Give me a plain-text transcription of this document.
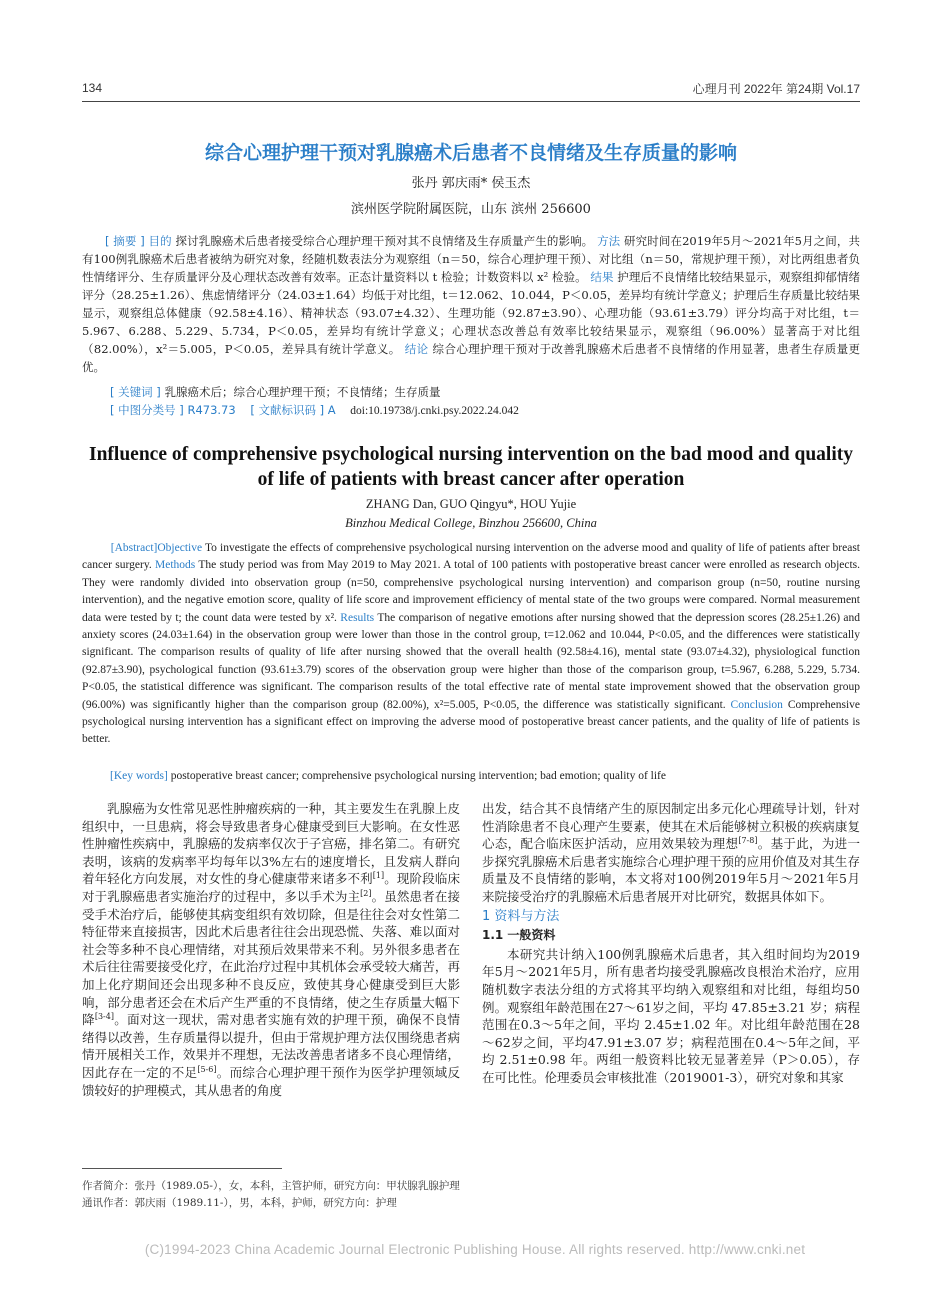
134	心理月刊 2022年 第24期 Vol.17
综合心理护理干预对乳腺癌术后患者不良情绪及生存质量的影响
张丹 郭庆雨* 侯玉杰
滨州医学院附属医院，山东 滨州 256600

[ 摘要 ] 目的 探讨乳腺癌术后患者接受综合心理护理干预对其不良情绪及生存质量产生的影响。 方法 研究时间在2019年5月～2021年5月之间，共有100例乳腺癌术后患者被纳为研究对象，经随机数表法分为观察组（n＝50，综合心理护理干预）、对比组（n＝50，常规护理干预），对比两组患者负性情绪评分、生存质量评分及心理状态改善有效率。正态计量资料以 t 检验；计数资料以 x² 检验。 结果 护理后不良情绪比较结果显示，观察组抑郁情绪评分（28.25±1.26）、焦虑情绪评分（24.03±1.64）均低于对比组，t＝12.062、10.044，P＜0.05，差异均有统计学意义；护理后生存质量比较结果显示，观察组总体健康（92.58±4.16）、精神状态（93.07±4.32）、生理功能（92.87±3.90）、心理功能（93.61±3.79）评分均高于对比组，t＝5.967、6.288、5.229、5.734，P＜0.05，差异均有统计学意义；心理状态改善总有效率比较结果显示，观察组（96.00%）显著高于对比组（82.00%），x²＝5.005，P＜0.05，差异具有统计学意义。 结论 综合心理护理干预对于改善乳腺癌术后患者不良情绪的作用显著，患者生存质量更优。

[ 关键词 ] 乳腺癌术后；综合心理护理干预；不良情绪；生存质量
[ 中图分类号 ] R473.73 [ 文献标识码 ] A doi:10.19738/j.cnki.psy.2022.24.042
Influence of comprehensive psychological nursing intervention on the bad mood and quality of life of patients with breast cancer after operation
ZHANG Dan, GUO Qingyu*, HOU Yujie
Binzhou Medical College, Binzhou 256600, China

[Abstract]Objective To investigate the effects of comprehensive psychological nursing intervention on the adverse mood and quality of life of patients after breast cancer surgery. Methods The study period was from May 2019 to May 2021. A total of 100 patients with postoperative breast cancer were enrolled as research objects. They were randomly divided into observation group (n=50, comprehensive psychological nursing intervention) and comparison group (n=50, routine nursing intervention), and the negative emotion score, quality of life score and improvement efficiency of mental state of the two groups were compared. Normal measurement data were tested by t; the count data were tested by x². Results The comparison of negative emotions after nursing showed that the depression scores (28.25±1.26) and anxiety scores (24.03±1.64) in the observation group were lower than those in the control group, t=12.062 and 10.044, P<0.05, and the differences were statistically significant. The comparison results of quality of life after nursing showed that the overall health (92.58±4.16), mental state (93.07±4.32), physiological function (92.87±3.90), psychological function (93.61±3.79) scores of the observation group were higher than those of the comparison group, t=5.967, 6.288, 5.229, 5.734. P<0.05, the statistical difference was significant. The comparison results of the total effective rate of mental state improvement showed that the observation group (96.00%) was significantly higher than the comparison group (82.00%), x²=5.005, P<0.05, the difference was statistically significant. Conclusion Comprehensive psychological nursing intervention has a significant effect on improving the adverse mood of postoperative breast cancer patients, and the quality of life of patients is better.

[Key words] postoperative breast cancer; comprehensive psychological nursing intervention; bad emotion; quality of life

乳腺癌为女性常见恶性肿瘤疾病的一种，其主要发生在乳腺上皮组织中，一旦患病，将会导致患者身心健康受到巨大影响。在女性恶性肿瘤性疾病中，乳腺癌的发病率仅次于子宫癌，排名第二。有研究表明，该病的发病率平均每年以3%左右的速度增长，且发病人群向着年轻化方向发展，对女性的身心健康带来诸多不利[1]。现阶段临床对于乳腺癌患者实施治疗的过程中，多以手术为主[2]。虽然患者在接受手术治疗后，能够使其病变组织有效切除，但是往往会对女性第二特征带来直接损害，因此术后患者往往会出现恐慌、失落、难以面对社会等多种不良心理情绪，对其预后效果带来不利。另外很多患者在术后往往需要接受化疗，在此治疗过程中其机体会承受较大痛苦，再加上化疗期间还会出现多种不良反应，致使其身心健康受到巨大影响，部分患者还会在术后产生严重的不良情绪，使之生存质量大幅下降[3-4]。面对这一现状，需对患者实施有效的护理干预，确保不良情绪得以改善，生存质量得以提升，但由于常规护理方法仅围绕患者病情开展相关工作，效果并不理想，无法改善患者诸多不良心理情绪，因此存在一定的不足[5-6]。而综合心理护理干预作为医学护理领域反馈较好的护理模式，其从患者的角度

出发，结合其不良情绪产生的原因制定出多元化心理疏导计划，针对性消除患者不良心理产生要素，使其在术后能够树立积极的疾病康复心态，配合临床医护活动，应用效果较为理想[7-8]。基于此，为进一步探究乳腺癌术后患者实施综合心理护理干预的应用价值及对其生存质量及不良情绪的影响，本文将对100例2019年5月～2021年5月来院接受治疗的乳腺癌术后患者展开对比研究，数据具体如下。

1 资料与方法
1.1 一般资料

本研究共计纳入100例乳腺癌术后患者，其入组时间均为2019年5月～2021年5月，所有患者均接受乳腺癌改良根治术治疗，应用随机数字表法分组的方式将其平均纳入观察组和对比组，每组均50例。观察组年龄范围在27～61岁之间，平均 47.85±3.21 岁；病程范围在0.3～5年之间，平均 2.45±1.02 年。对比组年龄范围在28～62岁之间，平均47.91±3.07 岁；病程范围在0.4～5年之间，平均 2.51±0.98 年。两组一般资料比较无显著差异（P＞0.05），存在可比性。伦理委员会审核批准（2019001-3），研究对象和其家

作者简介：张丹（1989.05-），女，本科，主管护师，研究方向：甲状腺乳腺护理
通讯作者：郭庆雨（1989.11-），男，本科，护师，研究方向：护理
(C)1994-2023 China Academic Journal Electronic Publishing House. All rights reserved. http://www.cnki.net
